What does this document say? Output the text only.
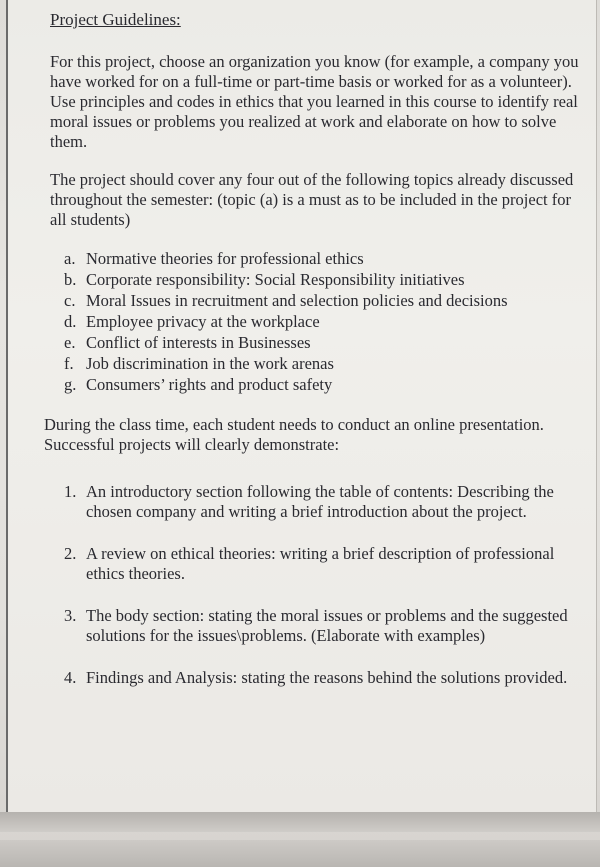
Project Guidelines:

For this project, choose an organization you know (for example, a company you have worked for on a full-time or part-time basis or worked for as a volunteer). Use principles and codes in ethics that you learned in this course to identify real moral issues or problems you realized at work and elaborate on how to solve them.

The project should cover any four out of the following topics already discussed throughout the semester: (topic (a) is a must as to be included in the project for all students)

a. Normative theories for professional ethics
b. Corporate responsibility: Social Responsibility initiatives
c. Moral Issues in recruitment and selection policies and decisions
d. Employee privacy at the workplace
e. Conflict of interests in Businesses
f. Job discrimination in the work arenas
g. Consumers’ rights and product safety
During the class time, each student needs to conduct an online presentation.
Successful projects will clearly demonstrate:
1. An introductory section following the table of contents: Describing the chosen company and writing a brief introduction about the project.
2. A review on ethical theories: writing a brief description of professional ethics theories.
3. The body section: stating the moral issues or problems and the suggested solutions for the issues\problems. (Elaborate with examples)
4. Findings and Analysis: stating the reasons behind the solutions provided.
